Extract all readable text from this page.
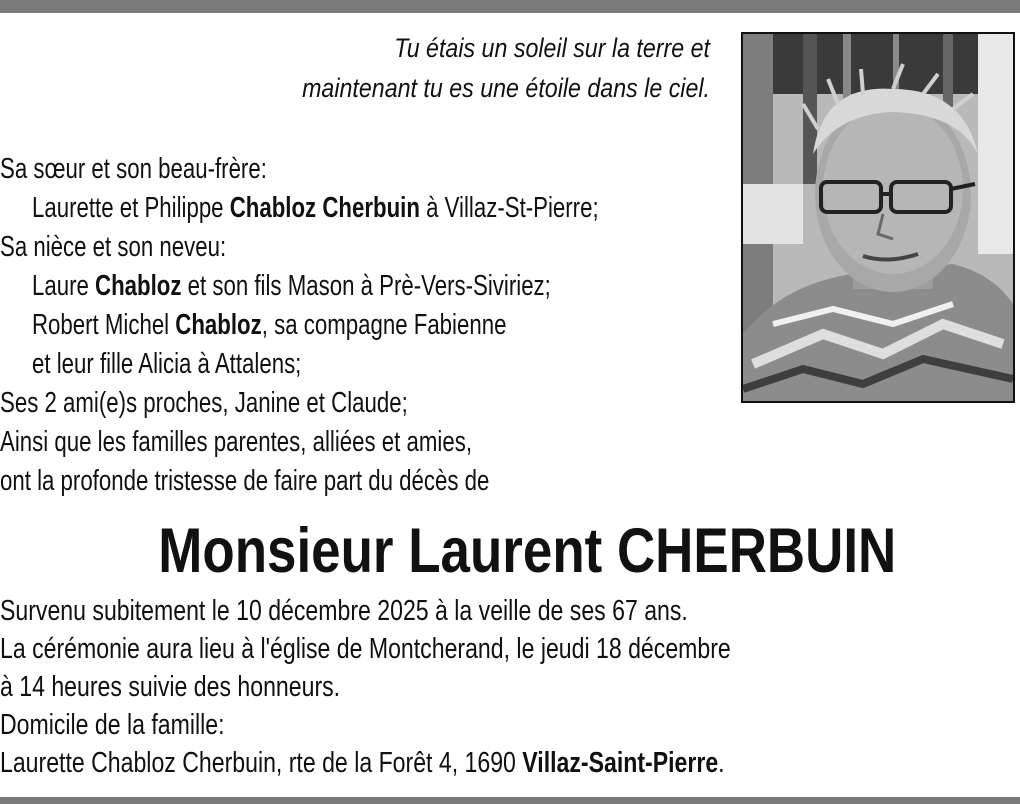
Tu étais un soleil sur la terre et
maintenant tu es une étoile dans le ciel.
Sa sœur et son beau-frère:
Laurette et Philippe Chabloz Cherbuin à Villaz-St-Pierre;
Sa nièce et son neveu:
Laure Chabloz et son fils Mason à Prè-Vers-Siviriez;
Robert Michel Chabloz, sa compagne Fabienne
et leur fille Alicia à Attalens;
Ses 2 ami(e)s proches, Janine et Claude;
Ainsi que les familles parentes, alliées et amies,
ont la profonde tristesse de faire part du décès de
Monsieur Laurent CHERBUIN
Survenu subitement le 10 décembre 2025 à la veille de ses 67 ans.
La cérémonie aura lieu à l'église de Montcherand, le jeudi 18 décembre
à 14 heures suivie des honneurs.
Domicile de la famille:
Laurette Chabloz Cherbuin, rte de la Forêt 4, 1690 Villaz-Saint-Pierre.
